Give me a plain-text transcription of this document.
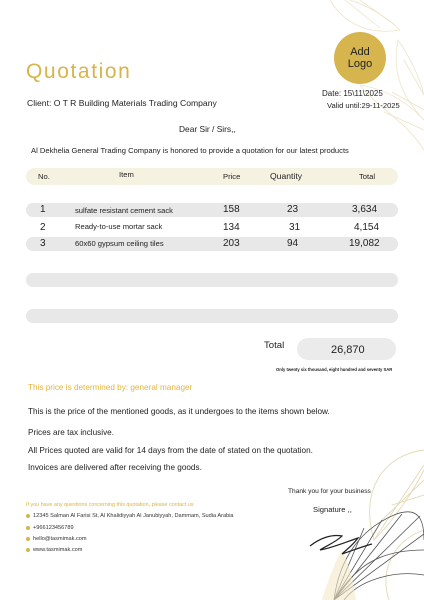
Quotation
Add
Logo
Client: O T R Building Materials Trading Company
Date: 15\11\2025
Valid until:29-11-2025
Dear Sir / Sirs,,
Al Dekhelia General Trading Company is honored to provide a quotation for our latest products
No.	Item	Price	Quantity	Total
1	sulfate resistant cement sack	158	23	3,634
2	Ready-to-use mortar sack	134	31	4,154
3	60x60 gypsum ceiling tiles	203	94	19,082
Total	26,870
Only twenty six thousand, eight hundred and seventy SAR
This price is determined by: general manager
This is the price of the mentioned goods, as it undergoes to the items shown below.
Prices are tax inclusive.
All Prices quoted are valid for 14 days from the date of stated on the quotation.
Invoices are delivered after receiving the goods.
If you have any questions concerning this quotation, please contact us
12345 Salman Al Farisi St, Al Khalidiyyah Al Janubiyyah, Dammam, Sudia Arabia
+966123456789
hello@tasmimak.com
www.tasmimak.com
Thank you for your business
Signature ,,
